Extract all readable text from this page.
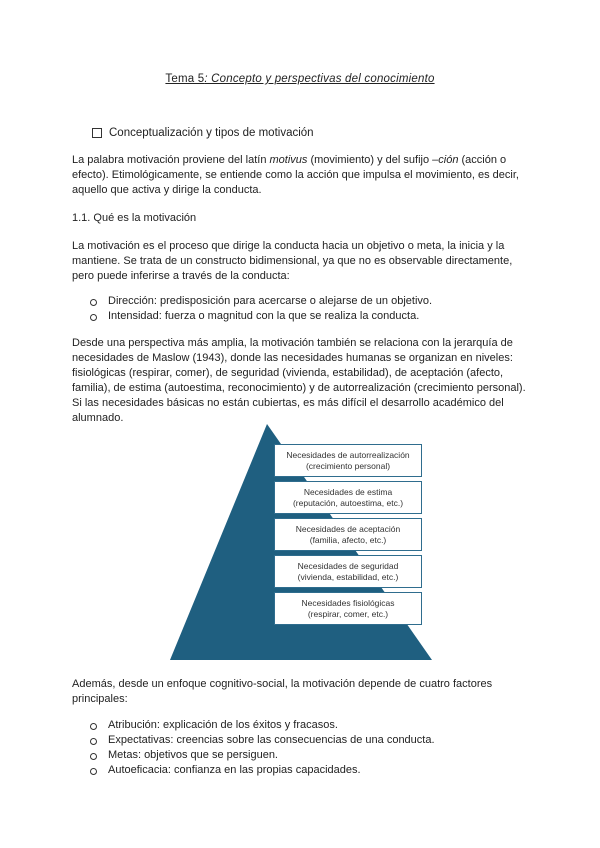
Tema 5: Concepto y perspectivas del conocimiento
Conceptualización y tipos de motivación
La palabra motivación proviene del latín motivus (movimiento) y del sufijo –ción (acción o efecto). Etimológicamente, se entiende como la acción que impulsa el movimiento, es decir, aquello que activa y dirige la conducta.
1.1. Qué es la motivación
La motivación es el proceso que dirige la conducta hacia un objetivo o meta, la inicia y la mantiene. Se trata de un constructo bidimensional, ya que no es observable directamente, pero puede inferirse a través de la conducta:
Dirección: predisposición para acercarse o alejarse de un objetivo.
Intensidad: fuerza o magnitud con la que se realiza la conducta.
Desde una perspectiva más amplia, la motivación también se relaciona con la jerarquía de necesidades de Maslow (1943), donde las necesidades humanas se organizan en niveles: fisiológicas (respirar, comer), de seguridad (vivienda, estabilidad), de aceptación (afecto, familia), de estima (autoestima, reconocimiento) y de autorrealización (crecimiento personal). Si las necesidades básicas no están cubiertas, es más difícil el desarrollo académico del alumnado.
Necesidades de autorrealización
(crecimiento personal)
Necesidades de estima
(reputación, autoestima, etc.)
Necesidades de aceptación
(familia, afecto, etc.)
Necesidades de seguridad
(vivienda, estabilidad, etc.)
Necesidades fisiológicas
(respirar, comer, etc.)
Además, desde un enfoque cognitivo-social, la motivación depende de cuatro factores principales:
Atribución: explicación de los éxitos y fracasos.
Expectativas: creencias sobre las consecuencias de una conducta.
Metas: objetivos que se persiguen.
Autoeficacia: confianza en las propias capacidades.
